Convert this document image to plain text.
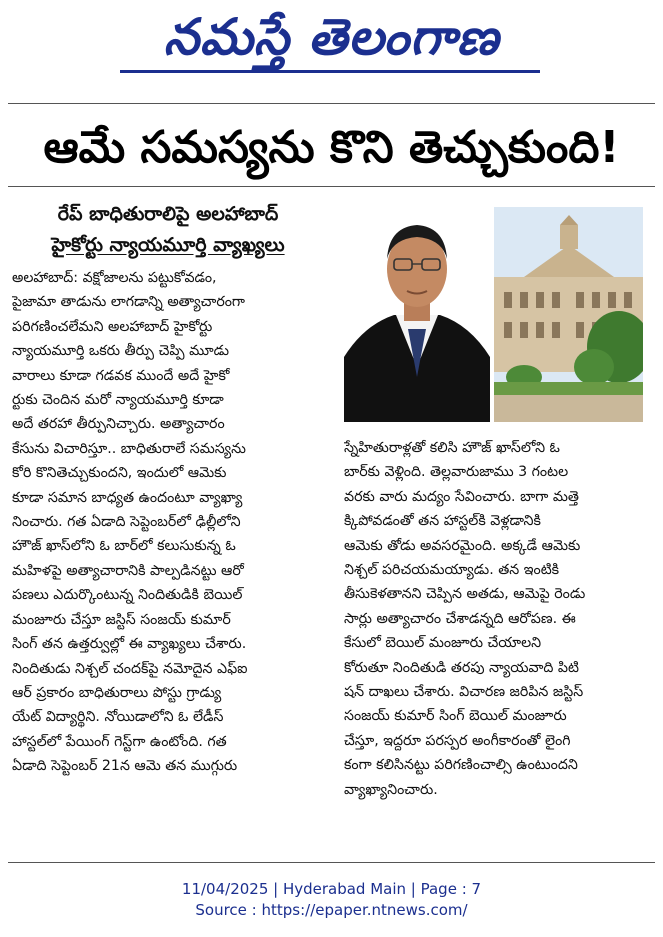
నమస్తే తెలంగాణ
ఆమే సమస్యను కొని తెచ్చుకుంది!
రేప్ బాధితురాలిపై అలహాబాద్
హైకోర్టు న్యాయమూర్తి వ్యాఖ్యలు
అలహాబాద్: వక్షోజాలను పట్టుకోవడం,
పైజామా తాడును లాగడాన్ని అత్యాచారంగా
పరిగణించలేమని అలహాబాద్ హైకోర్టు
న్యాయమూర్తి ఒకరు తీర్పు చెప్పి మూడు
వారాలు కూడా గడవక ముందే అదే హైకో
ర్టుకు చెందిన మరో న్యాయమూర్తి కూడా
అదే తరహా తీర్పునిచ్చారు. అత్యాచారం
కేసును విచారిస్తూ.. బాధితురాలే సమస్యను
కోరి కొనితెచ్చుకుందని, ఇందులో ఆమెకు
కూడా సమాన బాధ్యత ఉందంటూ వ్యాఖ్యా
నించారు. గత ఏడాది సెప్టెంబర్‌లో ఢిల్లీలోని
హౌజ్ ఖాస్‌లోని ఓ బార్‌లో కలుసుకున్న ఓ
మహిళపై అత్యాచారానికి పాల్పడినట్టు ఆరో
పణలు ఎదుర్కొంటున్న నిందితుడికి బెయిల్
మంజూరు చేస్తూ జస్టిస్ సంజయ్ కుమార్
సింగ్ తన ఉత్తర్వుల్లో ఈ వ్యాఖ్యలు చేశారు.
నిందితుడు నిశ్చల్ చందక్‌పై నమోదైన ఎఫ్ఐ
ఆర్ ప్రకారం బాధితురాలు పోస్టు గ్రాడ్యు
యేట్ విద్యార్థిని. నోయిడాలోని ఓ లేడీస్
హాస్టల్‌లో పేయింగ్ గెస్ట్‌గా ఉంటోంది. గత
ఏడాది సెప్టెంబర్ 21న ఆమె తన ముగ్గురు
స్నేహితురాళ్లతో కలిసి హౌజ్ ఖాస్‌లోని ఓ
బార్‌కు వెళ్లింది. తెల్లవారుజాము 3 గంటల
వరకు వారు మద్యం సేవించారు. బాగా మత్తె
క్కిపోవడంతో తన హాస్టల్‌కి వెళ్లడానికి
ఆమెకు తోడు అవసరమైంది. అక్కడే ఆమెకు
నిశ్చల్ పరిచయమయ్యాడు. తన ఇంటికి
తీసుకెళతానని చెప్పిన అతడు, ఆమెపై రెండు
సార్లు అత్యాచారం చేశాడన్నది ఆరోపణ. ఈ
కేసులో బెయిల్ మంజూరు చేయాలని
కోరుతూ నిందితుడి తరపు న్యాయవాది పిటి
షన్ దాఖలు చేశారు. విచారణ జరిపిన జస్టిస్
సంజయ్ కుమార్ సింగ్ బెయిల్ మంజూరు
చేస్తూ, ఇద్దరూ పరస్పర అంగీకారంతో లైంగి
కంగా కలిసినట్టు పరిగణించాల్సి ఉంటుందని
వ్యాఖ్యానించారు.
11/04/2025 | Hyderabad Main | Page : 7
Source : https://epaper.ntnews.com/
